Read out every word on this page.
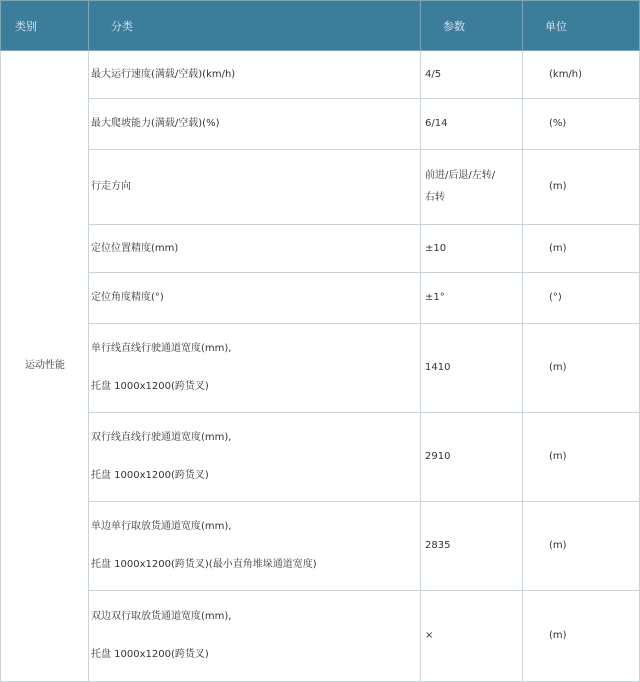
类别	分类	参数	单位

运动性能	最大运行速度(满载/空载)(km/h)	4/5	(km/h)

	最大爬坡能力(满载/空载)(%)	6/14	(%)

	行走方向	前进/后退/左转/
右转	(m)

	定位位置精度(mm)	±10	(m)

	定位角度精度(°)	±1°	(°)

	单行线直线行驶通道宽度(mm),
托盘 1000x1200(跨货叉)	1410	(m)

	双行线直线行驶通道宽度(mm),
托盘 1000x1200(跨货叉)	2910	(m)

	单边单行取放货通道宽度(mm),
托盘 1000x1200(跨货叉)(最小直角堆垛通道宽度)	2835	(m)

	双边双行取放货通道宽度(mm),
托盘 1000x1200(跨货叉)	×	(m)
